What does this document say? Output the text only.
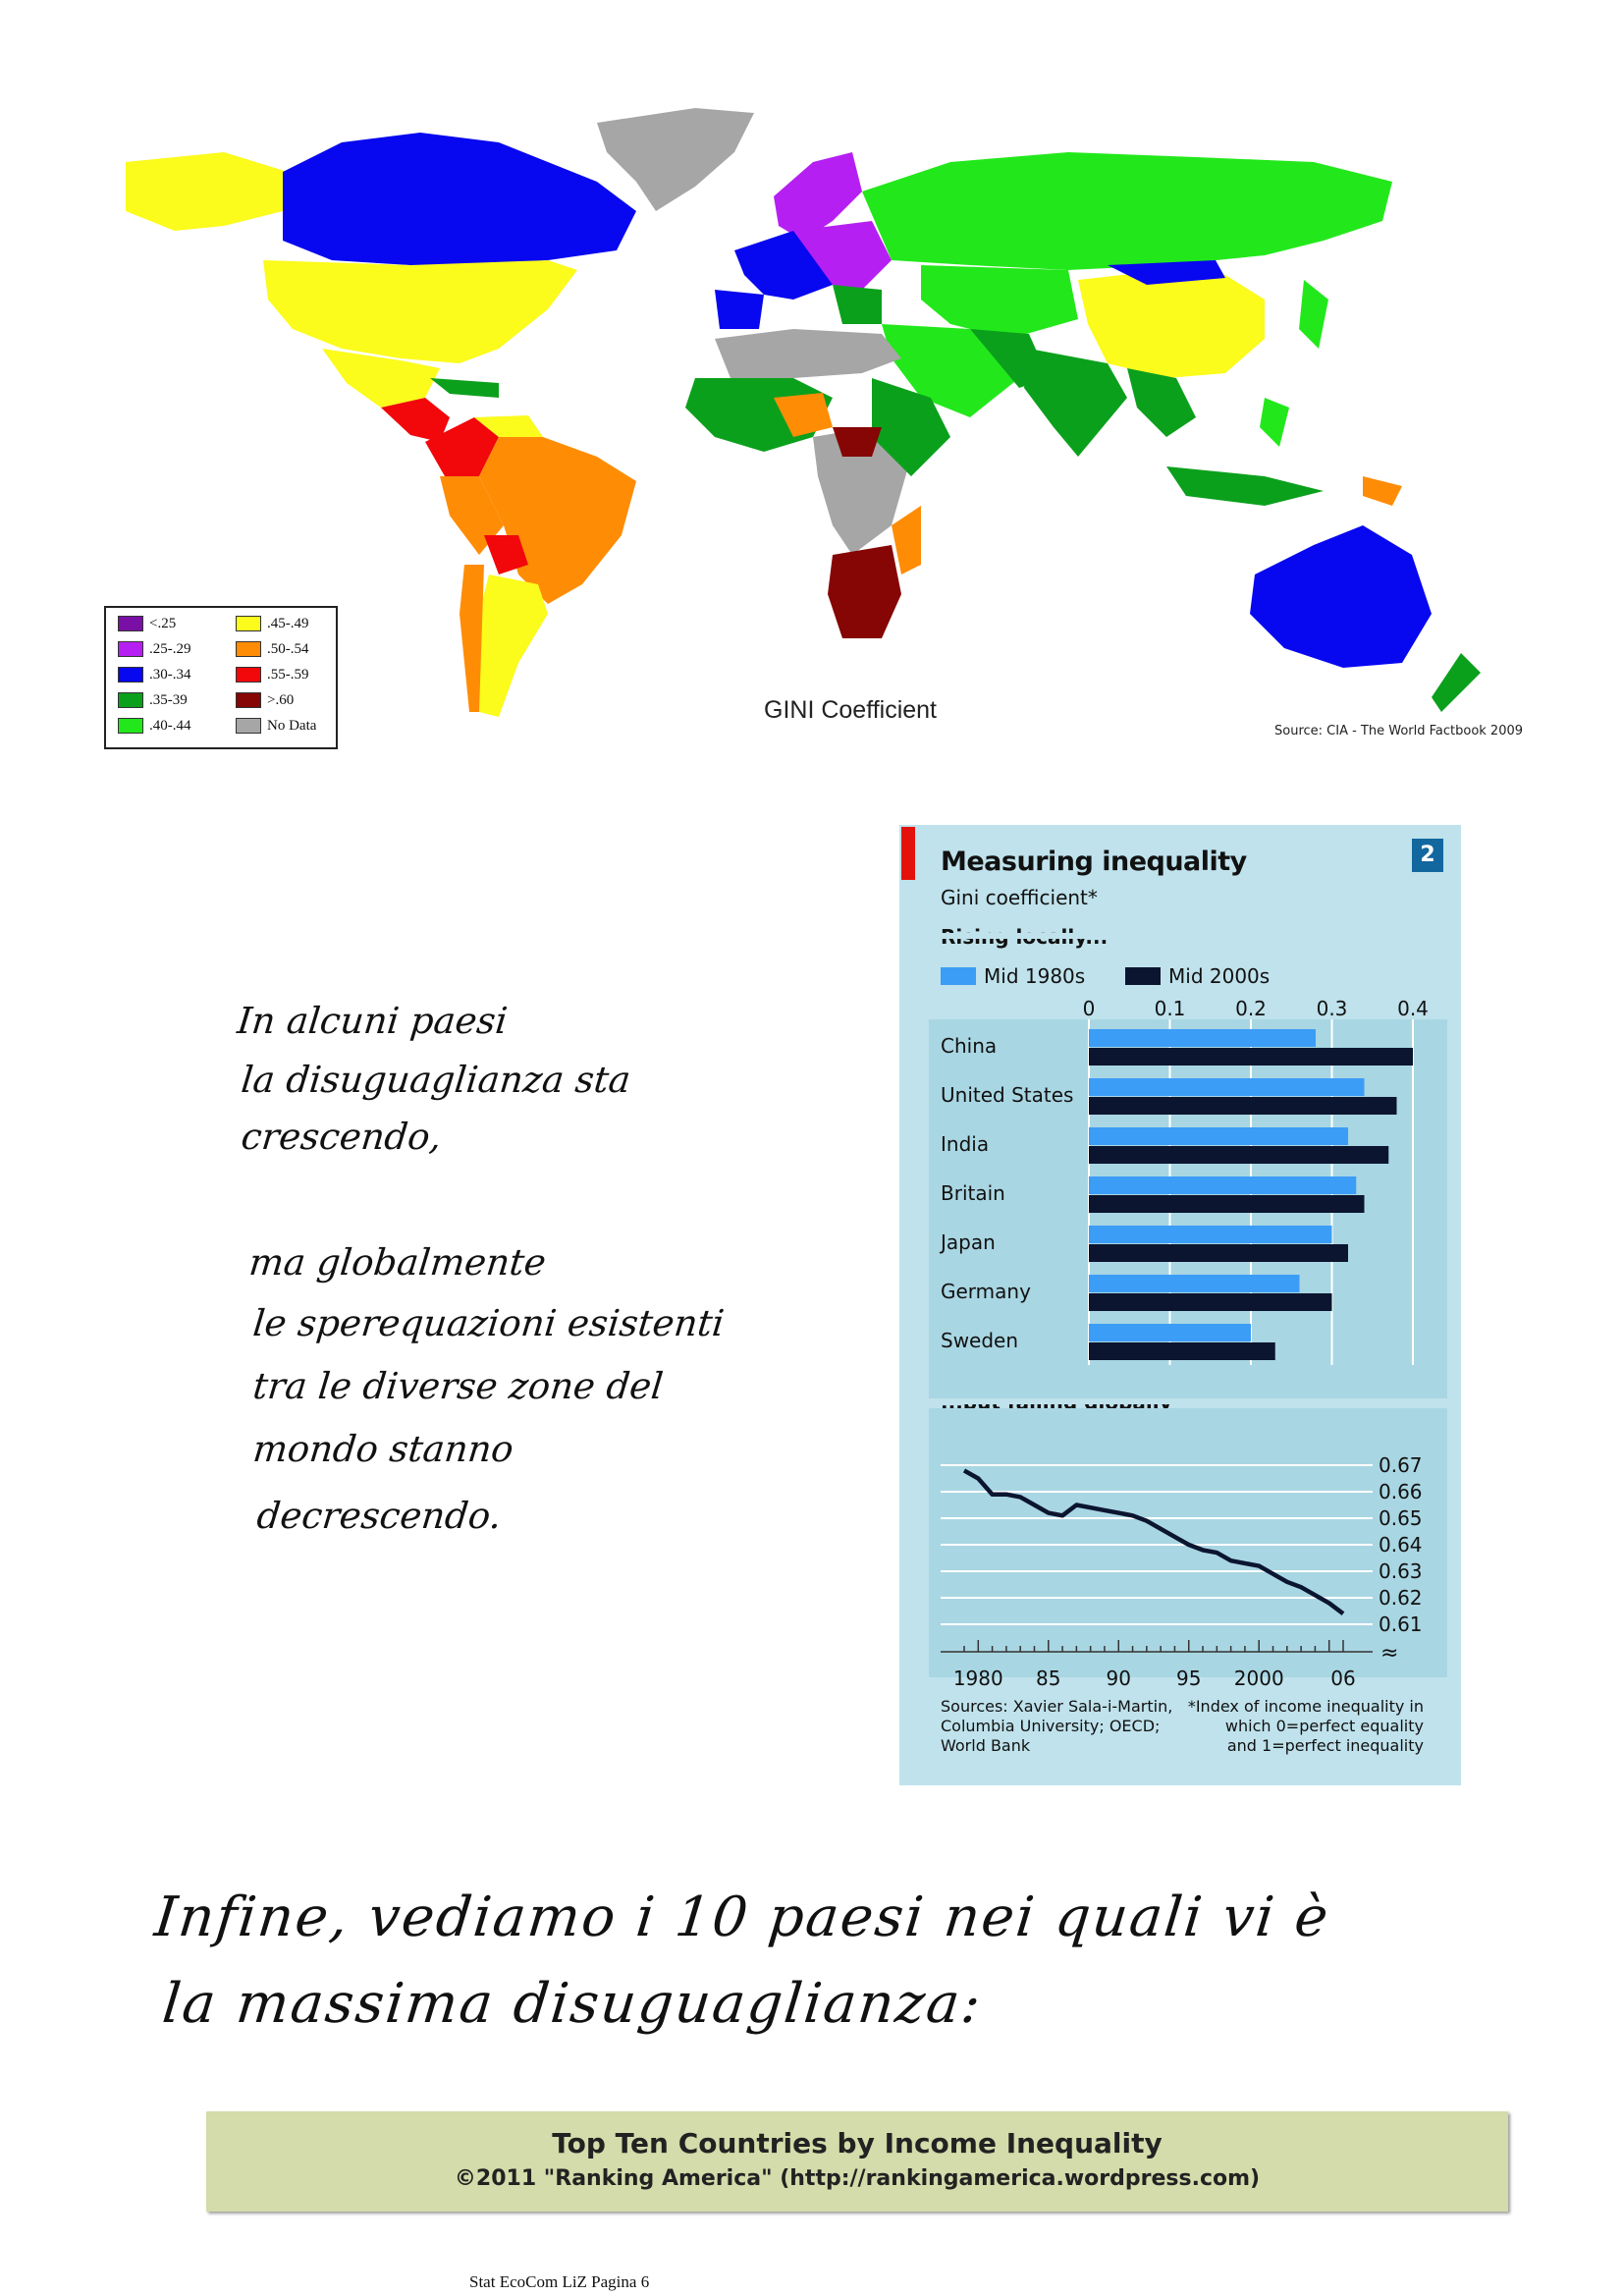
<.25
.25-.29
.30-.34
.35-39
.40-.44
.45-.49
.50-.54
.55-.59
>.60
No Data
GINI Coefficient
Source: CIA - The World Factbook 2009
In alcuni paesi
la disuguaglianza sta
crescendo,
ma globalmente
le sperequazioni esistenti
tra le diverse zone del
mondo stanno
decrescendo.
Infine, vediamo i 10 paesi nei quali vi è
la massima disuguaglianza:
Measuring inequality	2
Gini coefficient*
Mid 1980s	Mid 2000s
0	0.1	0.2	0.3	0.4
China
United States
India
Britain
Japan
Germany
Sweden
0.67
0.66
0.65
0.64
0.63
0.62
0.61
≈
1980 85 90 95 2000 06
Sources: Xavier Sala-i-Martin,
Columbia University; OECD;
World Bank
*Index of income inequality in
which 0=perfect equality
and 1=perfect inequality
Top Ten Countries by Income Inequality
©2011 "Ranking America" (http://rankingamerica.wordpress.com)
Stat EcoCom LiZ Pagina 6
